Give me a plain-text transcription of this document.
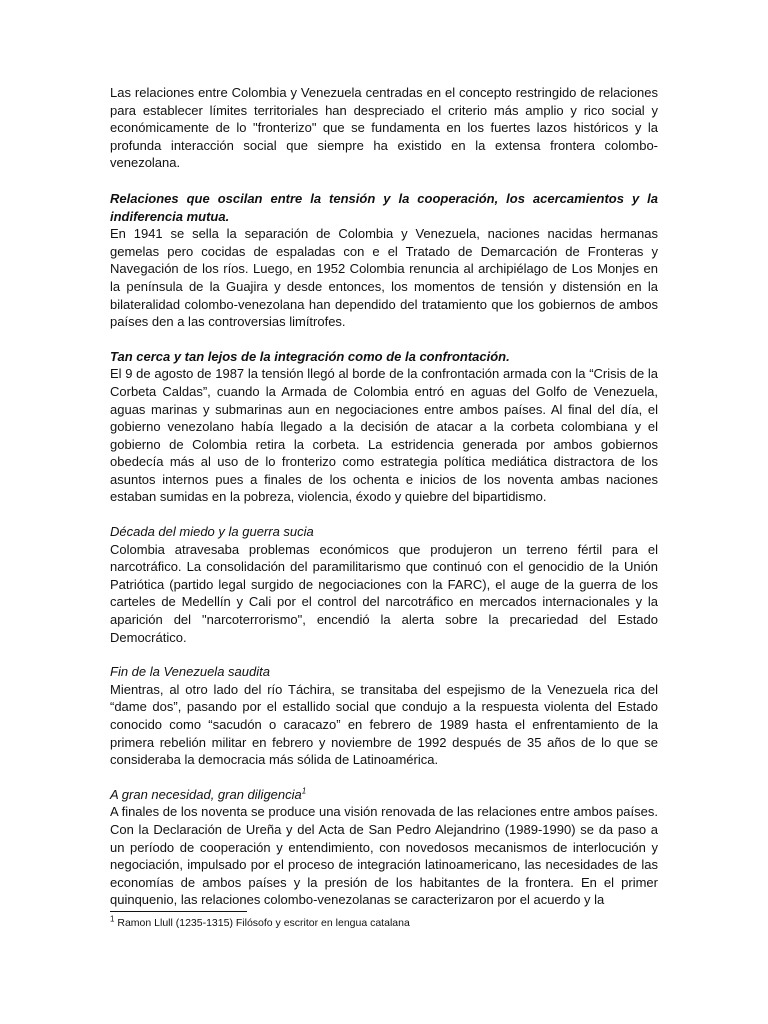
Las relaciones entre Colombia y Venezuela centradas en el concepto restringido de relaciones para establecer límites territoriales han despreciado el criterio más amplio y rico social y económicamente de lo "fronterizo" que se fundamenta en los fuertes lazos históricos y la profunda interacción social que siempre ha existido en la extensa frontera colombo-venezolana.

Relaciones que oscilan entre la tensión y la cooperación, los acercamientos y la indiferencia mutua.

En 1941 se sella la separación de Colombia y Venezuela, naciones nacidas hermanas gemelas pero cocidas de espaladas con e el Tratado de Demarcación de Fronteras y Navegación de los ríos. Luego, en 1952 Colombia renuncia al archipiélago de Los Monjes en la península de la Guajira y desde entonces, los momentos de tensión y distensión en la bilateralidad colombo-venezolana han dependido del tratamiento que los gobiernos de ambos países den a las controversias limítrofes.

Tan cerca y tan lejos de la integración como de la confrontación.

El 9 de agosto de 1987 la tensión llegó al borde de la confrontación armada con la “Crisis de la Corbeta Caldas”, cuando la Armada de Colombia entró en aguas del Golfo de Venezuela, aguas marinas y submarinas aun en negociaciones entre ambos países. Al final del día, el gobierno venezolano había llegado a la decisión de atacar a la corbeta colombiana y el gobierno de Colombia retira la corbeta. La estridencia generada por ambos gobiernos obedecía más al uso de lo fronterizo como estrategia política mediática distractora de los asuntos internos pues a finales de los ochenta e inicios de los noventa ambas naciones estaban sumidas en la pobreza, violencia, éxodo y quiebre del bipartidismo.

Década del miedo y la guerra sucia

Colombia atravesaba problemas económicos que produjeron un terreno fértil para el narcotráfico. La consolidación del paramilitarismo que continuó con el genocidio de la Unión Patriótica (partido legal surgido de negociaciones con la FARC), el auge de la guerra de los carteles de Medellín y Cali por el control del narcotráfico en mercados internacionales y la aparición del "narcoterrorismo", encendió la alerta sobre la precariedad del Estado Democrático.

Fin de la Venezuela saudita

Mientras, al otro lado del río Táchira, se transitaba del espejismo de la Venezuela rica del “dame dos”, pasando por el estallido social que condujo a la respuesta violenta del Estado conocido como “sacudón o caracazo” en febrero de 1989 hasta el enfrentamiento de la primera rebelión militar en febrero y noviembre de 1992 después de 35 años de lo que se consideraba la democracia más sólida de Latinoamérica.

A gran necesidad, gran diligencia$^1$

A finales de los noventa se produce una visión renovada de las relaciones entre ambos países. Con la Declaración de Ureña y del Acta de San Pedro Alejandrino (1989-1990) se da paso a un período de cooperación y entendimiento, con novedosos mecanismos de interlocución y negociación, impulsado por el proceso de integración latinoamericano, las necesidades de las economías de ambos países y la presión de los habitantes de la frontera. En el primer quinquenio, las relaciones colombo-venezolanas se caracterizaron por el acuerdo y la

$^1$ Ramon Llull (1235-1315) Filósofo y escritor en lengua catalana
